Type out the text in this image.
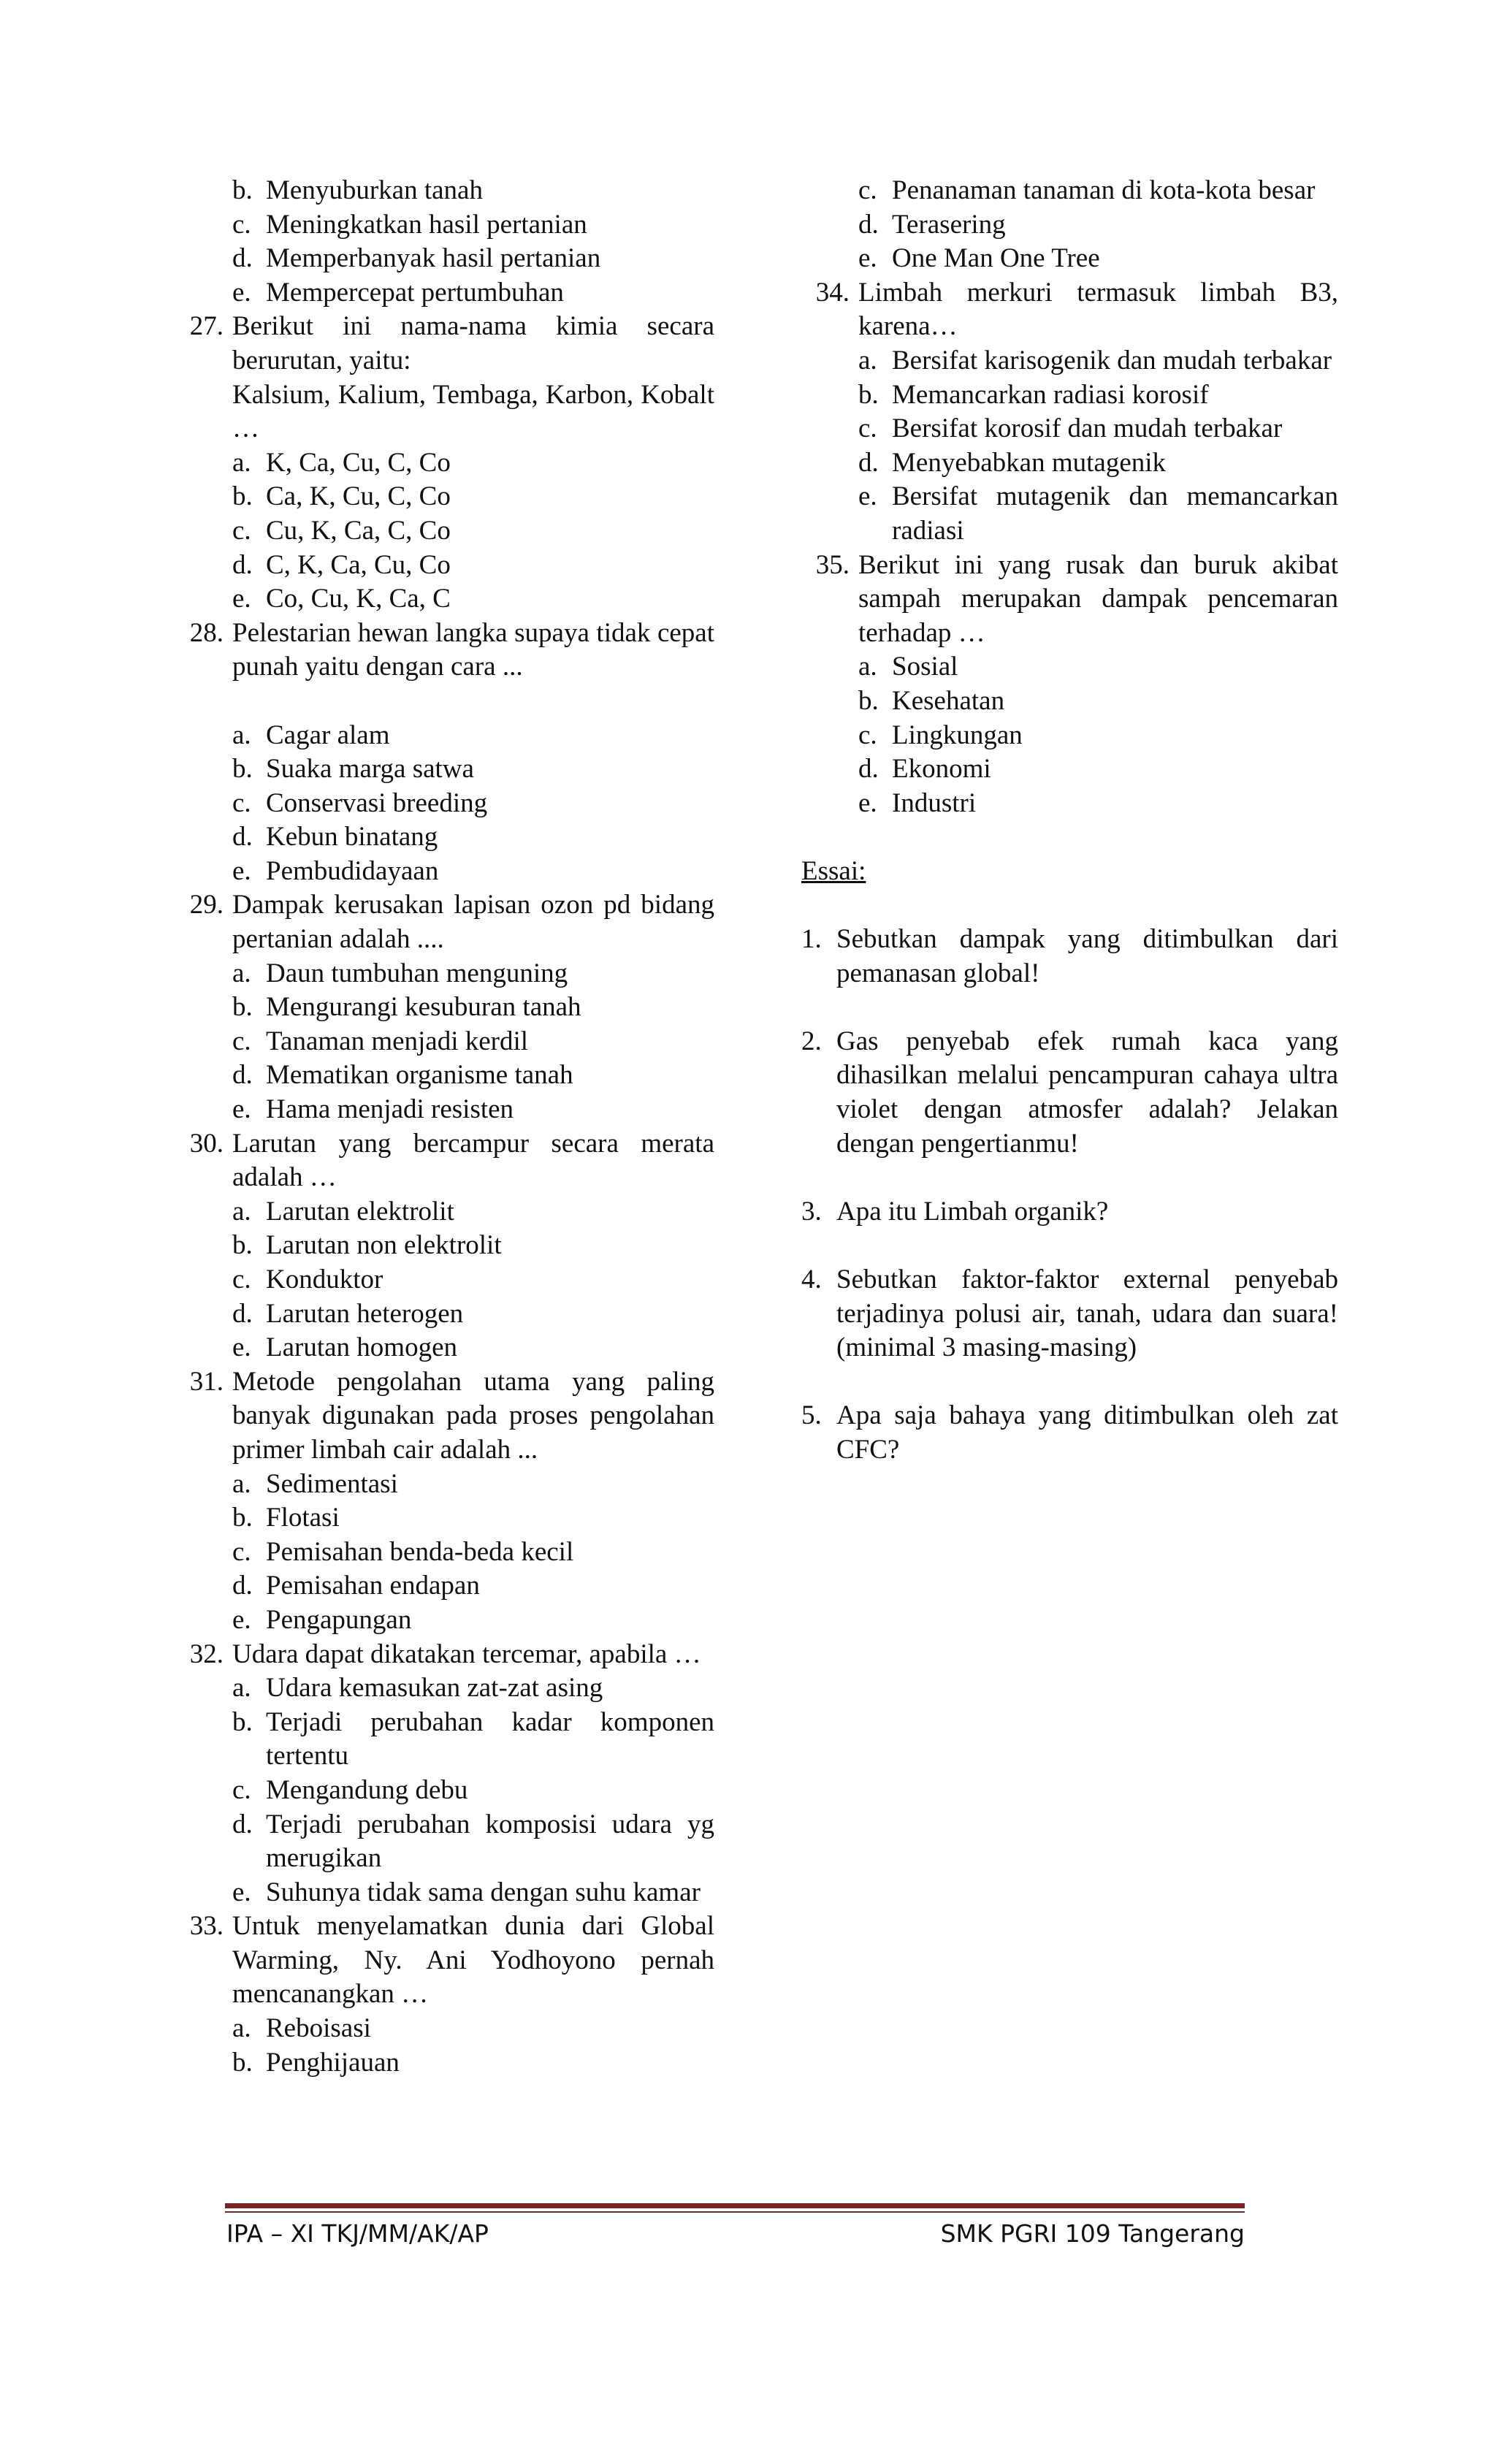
b. Menyuburkan tanah
c. Meningkatkan hasil pertanian
d. Memperbanyak hasil pertanian
e. Mempercepat pertumbuhan
27. Berikut ini nama-nama kimia secara berurutan, yaitu:
Kalsium, Kalium, Tembaga, Karbon, Kobalt …
a. K, Ca, Cu, C, Co
b. Ca, K, Cu, C, Co
c. Cu, K, Ca, C, Co
d. C, K, Ca, Cu, Co
e. Co, Cu, K, Ca, C
28. Pelestarian hewan langka supaya tidak cepat punah yaitu dengan cara ...
a. Cagar alam
b. Suaka marga satwa
c. Conservasi breeding
d. Kebun binatang
e. Pembudidayaan
29. Dampak kerusakan lapisan ozon pd bidang pertanian adalah ....
a. Daun tumbuhan menguning
b. Mengurangi kesuburan tanah
c. Tanaman menjadi kerdil
d. Mematikan organisme tanah
e. Hama menjadi resisten
30. Larutan yang bercampur secara merata adalah …
a. Larutan elektrolit
b. Larutan non elektrolit
c. Konduktor
d. Larutan heterogen
e. Larutan homogen
31. Metode pengolahan utama yang paling banyak digunakan pada proses pengolahan primer limbah cair adalah ...
a. Sedimentasi
b. Flotasi
c. Pemisahan benda-beda kecil
d. Pemisahan endapan
e. Pengapungan
32. Udara dapat dikatakan tercemar, apabila …
a. Udara kemasukan zat-zat asing
b. Terjadi perubahan kadar komponen tertentu
c. Mengandung debu
d. Terjadi perubahan komposisi udara yg merugikan
e. Suhunya tidak sama dengan suhu kamar
33. Untuk menyelamatkan dunia dari Global Warming, Ny. Ani Yodhoyono pernah mencanangkan …
a. Reboisasi
b. Penghijauan
c. Penanaman tanaman di kota-kota besar
d. Terasering
e. One Man One Tree
34. Limbah merkuri termasuk limbah B3, karena…
a. Bersifat karisogenik dan mudah terbakar
b. Memancarkan radiasi korosif
c. Bersifat korosif dan mudah terbakar
d. Menyebabkan mutagenik
e. Bersifat mutagenik dan memancarkan radiasi
35. Berikut ini yang rusak dan buruk akibat sampah merupakan dampak pencemaran terhadap …
a. Sosial
b. Kesehatan
c. Lingkungan
d. Ekonomi
e. Industri
Essai:
1. Sebutkan dampak yang ditimbulkan dari pemanasan global!
2. Gas penyebab efek rumah kaca yang dihasilkan melalui pencampuran cahaya ultra violet dengan atmosfer adalah? Jelakan dengan pengertianmu!
3. Apa itu Limbah organik?
4. Sebutkan faktor-faktor external penyebab terjadinya polusi air, tanah, udara dan suara! (minimal 3 masing-masing)
5. Apa saja bahaya yang ditimbulkan oleh zat CFC?
IPA – XI TKJ/MM/AK/AP	SMK PGRI 109 Tangerang
